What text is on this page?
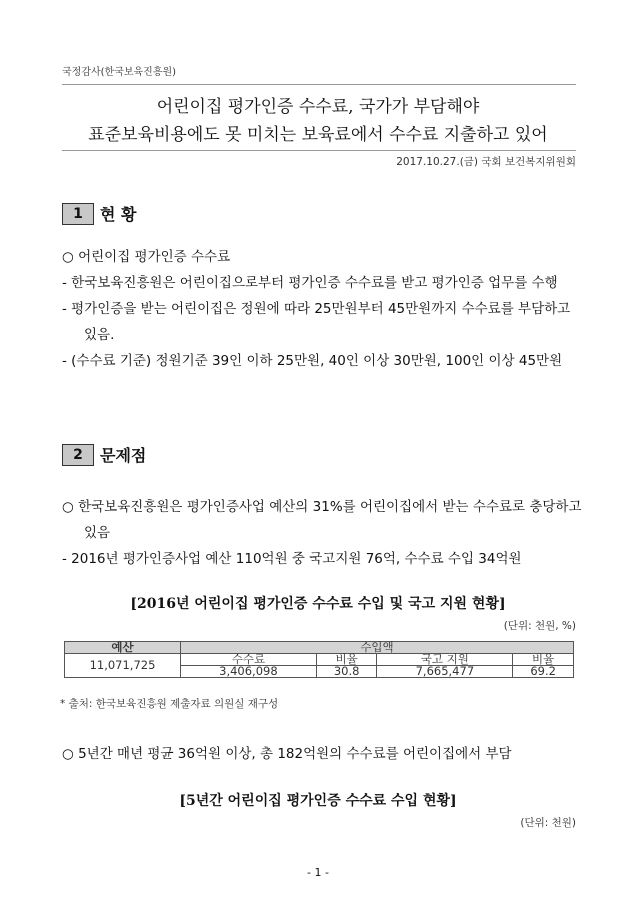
국정감사(한국보육진흥원)
어린이집 평가인증 수수료, 국가가 부담해야
표준보육비용에도 못 미치는 보육료에서 수수료 지출하고 있어
2017.10.27.(금) 국회 보건복지위원회
1	현 황
○ 어린이집 평가인증 수수료
- 한국보육진흥원은 어린이집으로부터 평가인증 수수료를 받고 평가인증 업무를 수행
- 평가인증을 받는 어린이집은 정원에 따라 25만원부터 45만원까지 수수료를 부담하고 있음.
- (수수료 기준) 정원기준 39인 이하 25만원, 40인 이상 30만원, 100인 이상 45만원
2	문제점
○ 한국보육진흥원은 평가인증사업 예산의 31%를 어린이집에서 받는 수수료로 충당하고 있음
- 2016년 평가인증사업 예산 110억원 중 국고지원 76억, 수수료 수입 34억원
[2016년 어린이집 평가인증 수수료 수입 및 국고 지원 현황]
(단위: 천원, %)
예산	수입액			
11,071,725	수수료	비율	국고 지원	비율
	3,406,098	30.8	7,665,477	69.2
* 출처: 한국보육진흥원 제출자료 의원실 재구성
○ 5년간 매년 평균 36억원 이상, 총 182억원의 수수료를 어린이집에서 부담
[5년간 어린이집 평가인증 수수료 수입 현황]
(단위: 천원)
- 1 -
